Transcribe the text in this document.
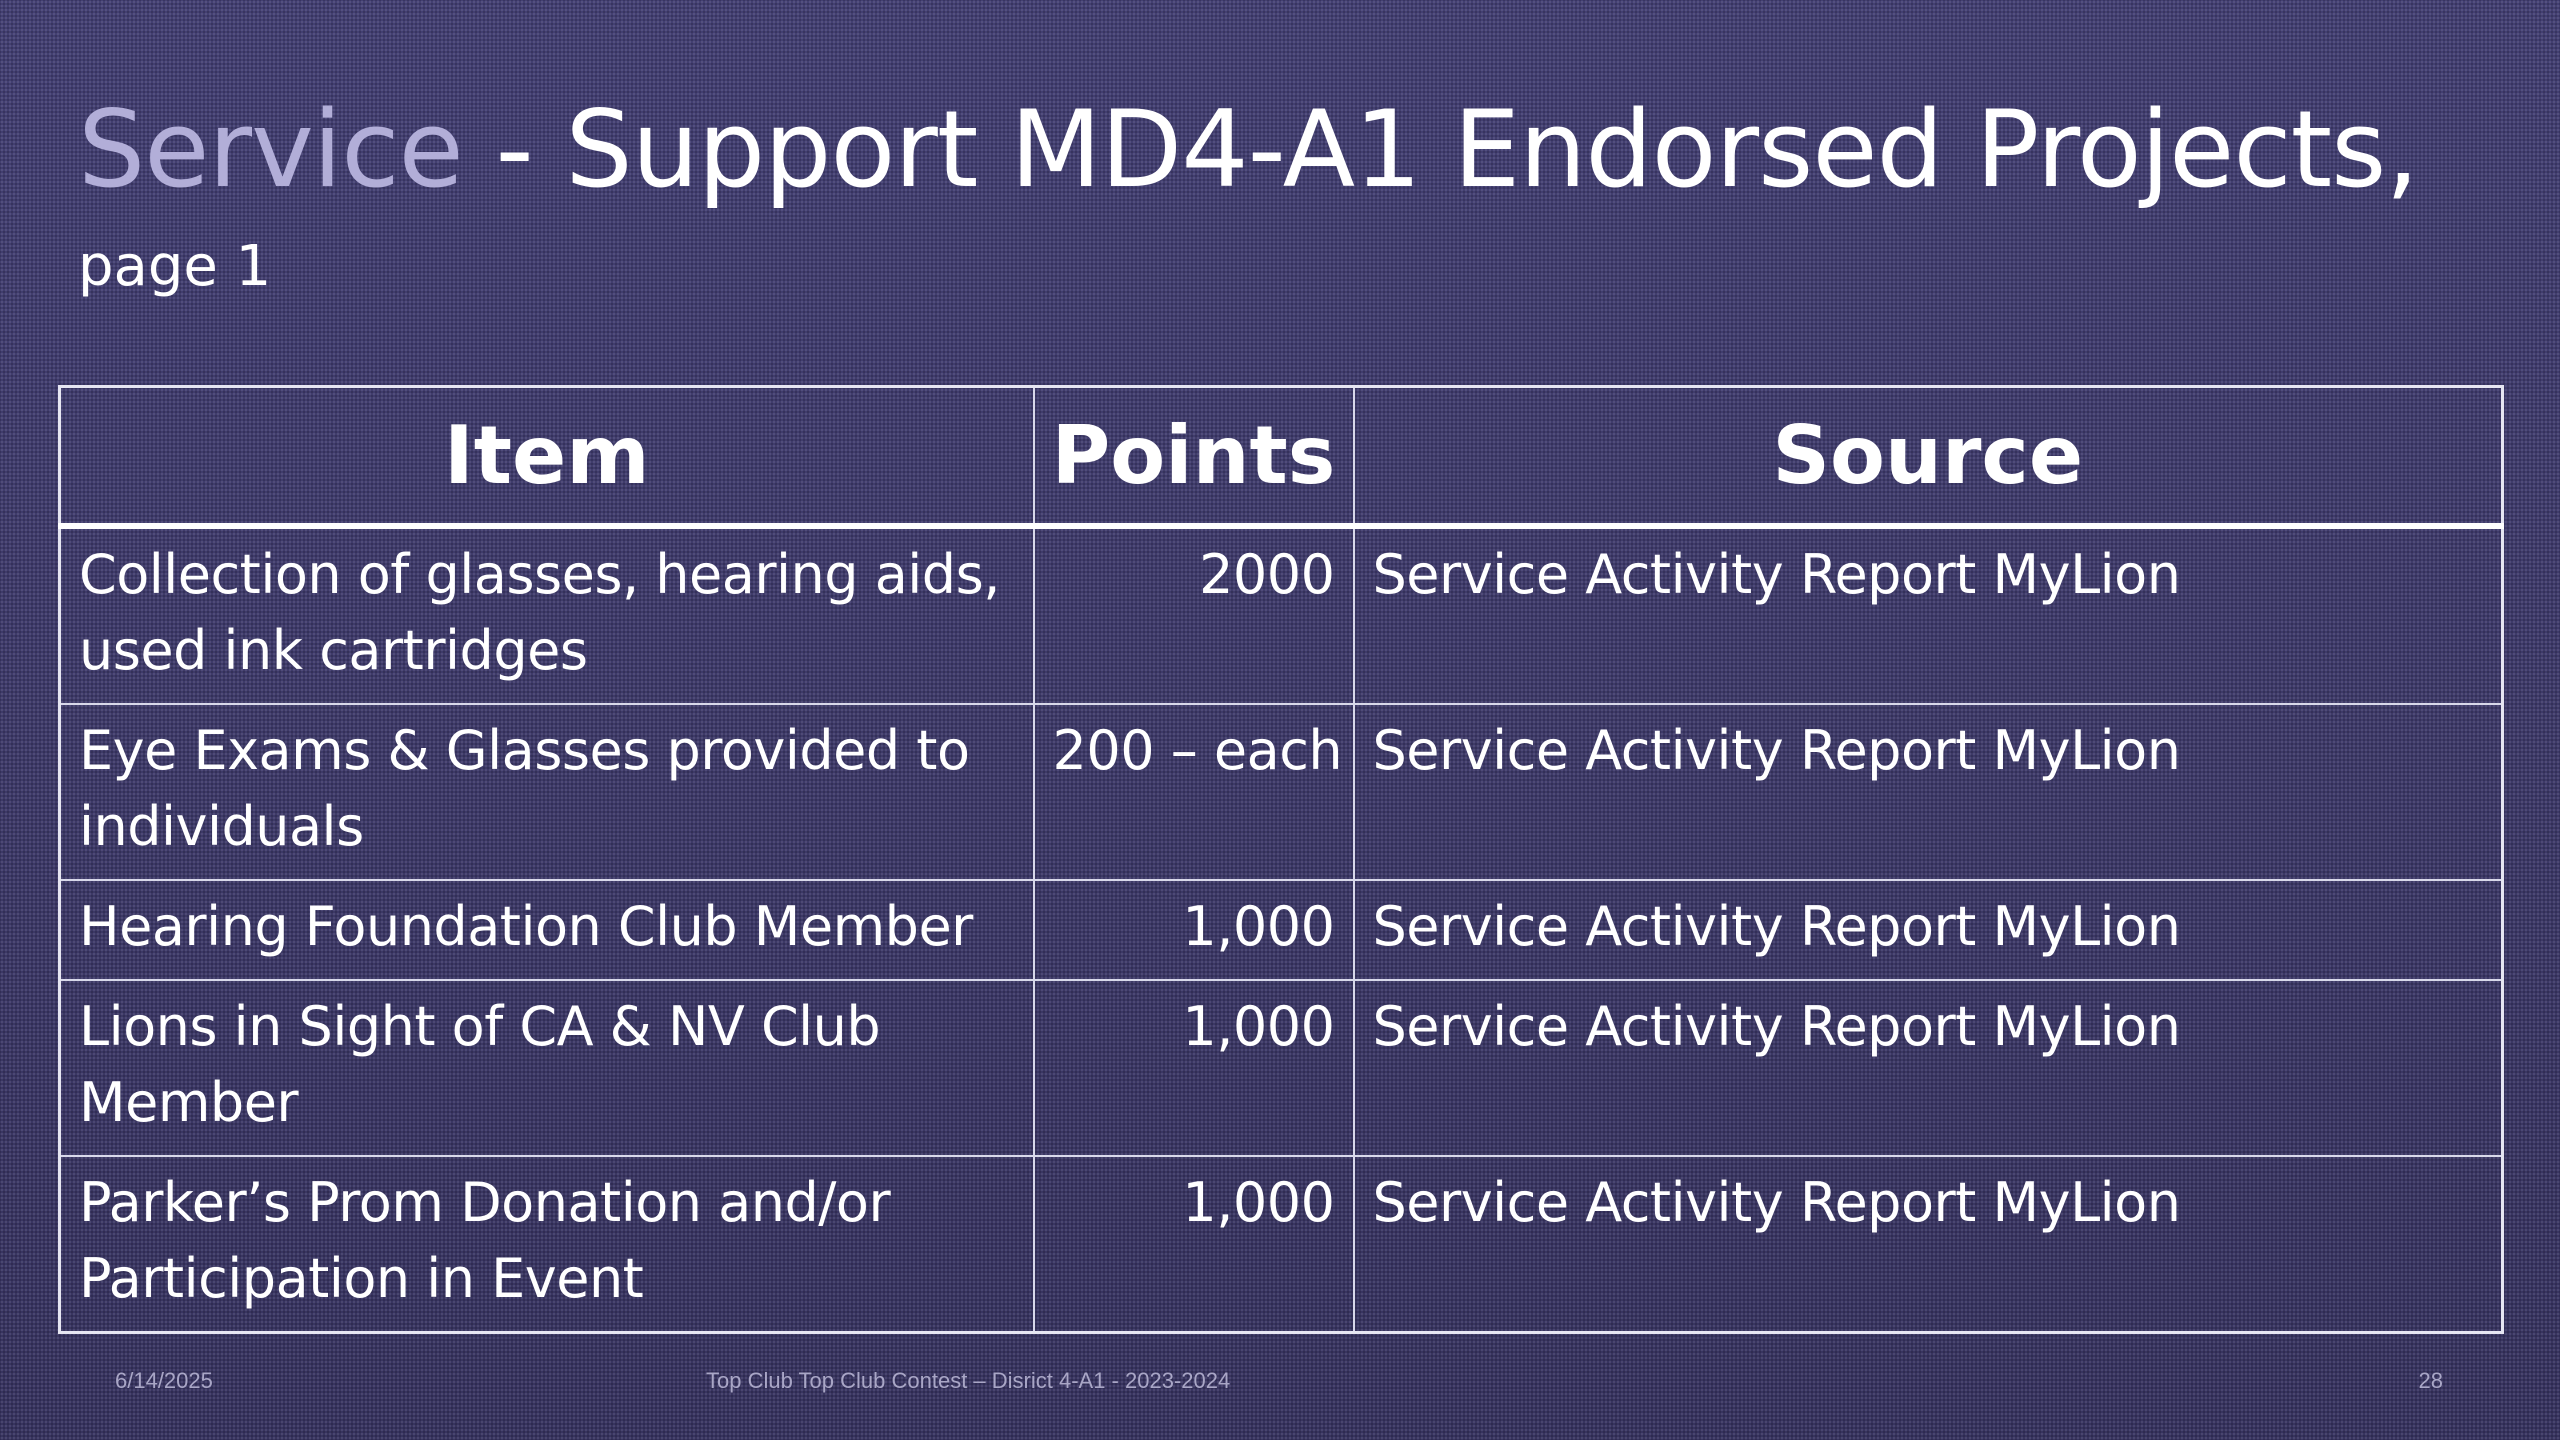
Service - Support MD4-A1 Endorsed Projects,
page 1
Item	Points	Source
Collection of glasses, hearing aids, used ink cartridges	2000	Service Activity Report MyLion
Eye Exams & Glasses provided to individuals	200 – each	Service Activity Report MyLion
Hearing Foundation Club Member	1,000	Service Activity Report MyLion
Lions in Sight of CA & NV Club Member	1,000	Service Activity Report MyLion
Parker’s Prom Donation and/or Participation in Event	1,000	Service Activity Report MyLion
6/14/2025	Top Club Top Club Contest – Disrict 4-A1 - 2023-2024	28
